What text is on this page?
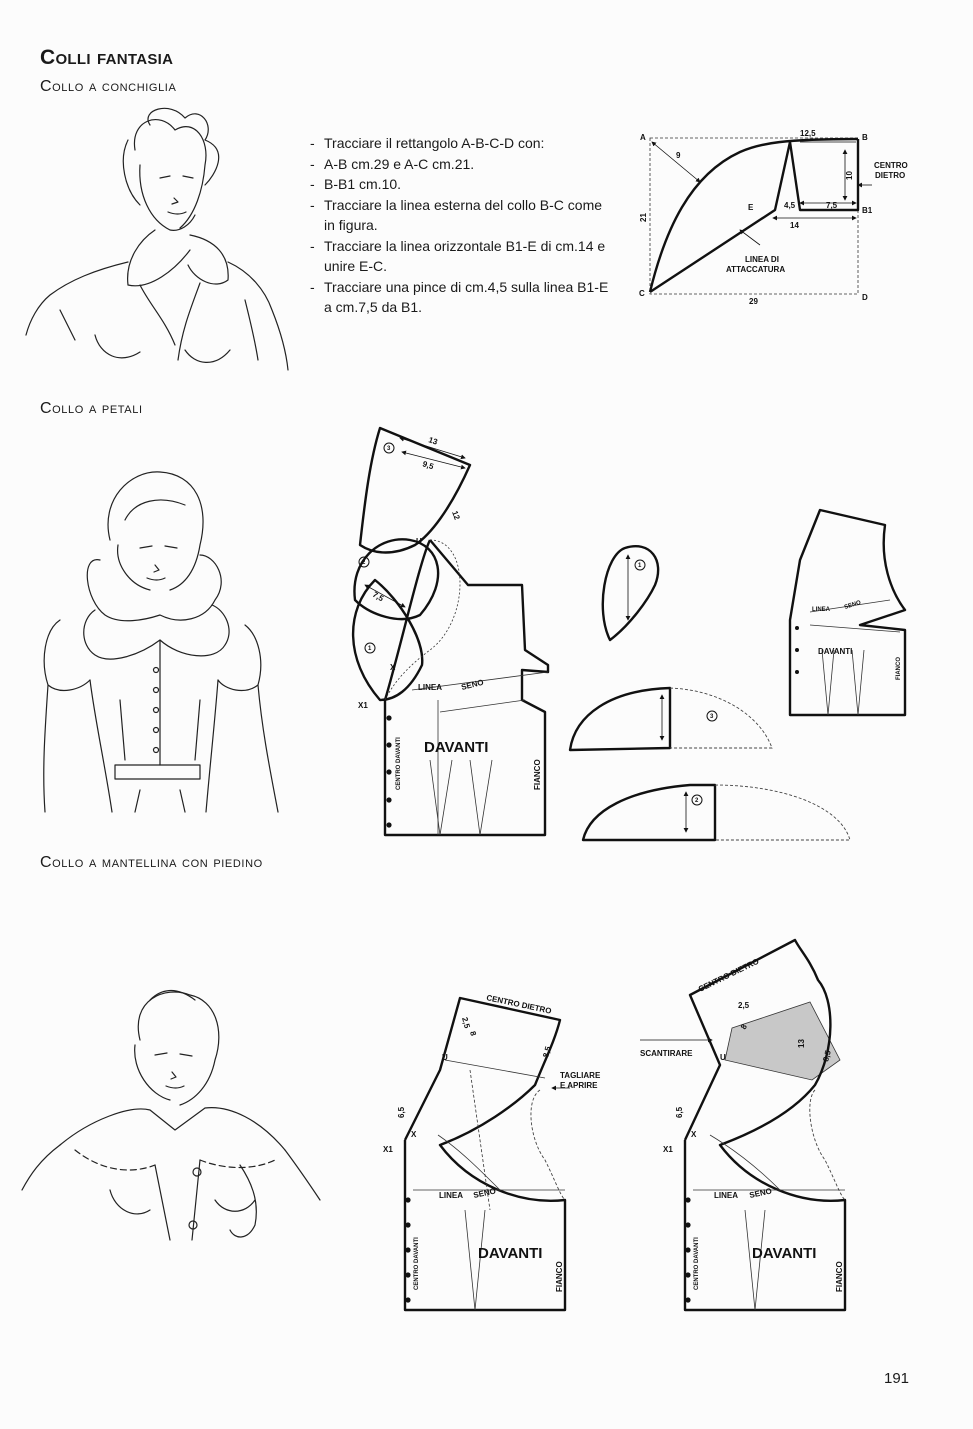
Colli fantasia
Collo a conchiglia
- Tracciare il rettangolo A-B-C-D con:
- A-B cm.29 e A-C cm.21.
- B-B1 cm.10.
- Tracciare la linea esterna del collo B-C come in figura.
- Tracciare la linea orizzontale B1-E di cm.14 e unire E-C.
- Tracciare una pince di cm.4,5 sulla linea B1-E a cm.7,5 da B1.
Collo a petali
Collo a mantellina con piedino
191
A	B
C	D
B1
E
12,5
9
21
10
4,5	7,5
14
29
CENTRO
DIETRO
LINEA DI
ATTACCATURA
13
9,5
12
7,5
3
2
1
U
X
X1
DAVANTI
LINEA SENO
FIANCO
CENTRO DAVANTI
1
3
2
DAVANTI
LINEA SENO
FIANCO
CENTRO DIETRO
TAGLIARE
E APRIRE
LINEA SENO
FIANCO
CENTRO DAVANTI	DAVANTI
2,5
8
8,5
6,5
U
X
X1
CENTRO DIETRO
SCANTIRARE
LINEA SENO
FIANCO
CENTRO DAVANTI	DAVANTI
2,5
8
8,5
13
6,5
U
X
X1
